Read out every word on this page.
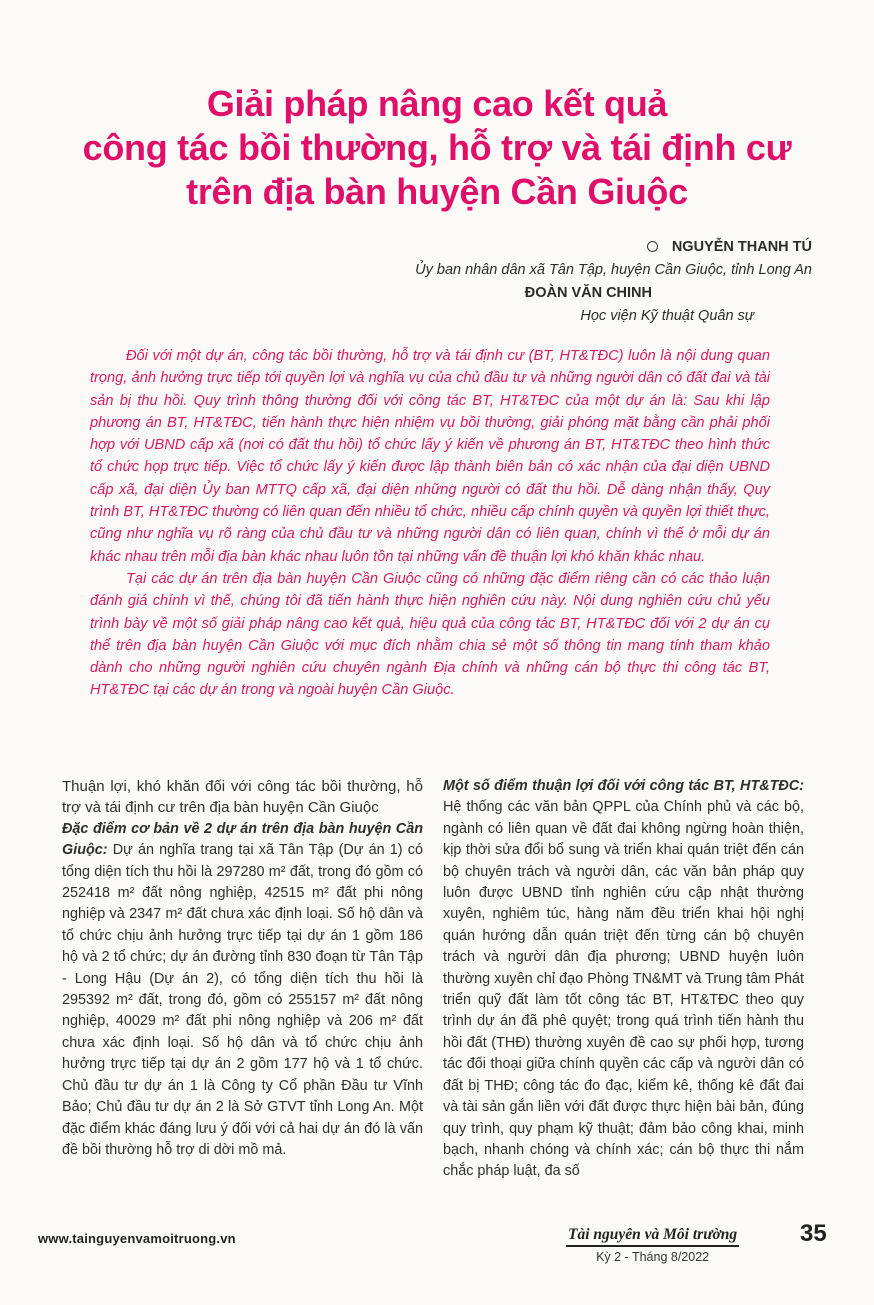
Giải pháp nâng cao kết quả
công tác bồi thường, hỗ trợ và tái định cư
trên địa bàn huyện Cần Giuộc
NGUYỄN THANH TÚ
Ủy ban nhân dân xã Tân Tập, huyện Cần Giuộc, tỉnh Long An
ĐOÀN VĂN CHINH
Học viện Kỹ thuật Quân sự

Đối với một dự án, công tác bồi thường, hỗ trợ và tái định cư (BT, HT&TĐC) luôn là nội dung quan trọng, ảnh hưởng trực tiếp tới quyền lợi và nghĩa vụ của chủ đầu tư và những người dân có đất đai và tài sản bị thu hồi. Quy trình thông thường đối với công tác BT, HT&TĐC của một dự án là: Sau khi lập phương án BT, HT&TĐC, tiến hành thực hiện nhiệm vụ bồi thường, giải phóng mặt bằng cần phải phối hợp với UBND cấp xã (nơi có đất thu hồi) tổ chức lấy ý kiến về phương án BT, HT&TĐC theo hình thức tổ chức họp trực tiếp. Việc tổ chức lấy ý kiến được lập thành biên bản có xác nhận của đại diện UBND cấp xã, đại diện Ủy ban MTTQ cấp xã, đại diện những người có đất thu hồi. Dễ dàng nhận thấy, Quy trình BT, HT&TĐC thường có liên quan đến nhiều tổ chức, nhiều cấp chính quyền và quyền lợi thiết thực, cũng như nghĩa vụ rõ ràng của chủ đầu tư và những người dân có liên quan, chính vì thế ở mỗi dự án khác nhau trên mỗi địa bàn khác nhau luôn tồn tại những vấn đề thuận lợi khó khăn khác nhau.

Tại các dự án trên địa bàn huyện Cần Giuộc cũng có những đặc điểm riêng cần có các thảo luận đánh giá chính vì thế, chúng tôi đã tiến hành thực hiện nghiên cứu này. Nội dung nghiên cứu chủ yếu trình bày về một số giải pháp nâng cao kết quả, hiệu quả của công tác BT, HT&TĐC đối với 2 dự án cụ thể trên địa bàn huyện Cần Giuộc với mục đích nhằm chia sẻ một số thông tin mang tính tham khảo dành cho những người nghiên cứu chuyên ngành Địa chính và những cán bộ thực thi công tác BT, HT&TĐC tại các dự án trong và ngoài huyện Cần Giuộc.

Thuận lợi, khó khăn đối với công tác bồi thường, hỗ trợ và tái định cư trên địa bàn huyện Cần Giuộc

Đặc điểm cơ bản về 2 dự án trên địa bàn huyện Cần Giuộc: Dự án nghĩa trang tại xã Tân Tập (Dự án 1) có tổng diện tích thu hồi là 297280 m² đất, trong đó gồm có 252418 m² đất nông nghiệp, 42515 m² đất phi nông nghiệp và 2347 m² đất chưa xác định loại. Số hộ dân và tổ chức chịu ảnh hưởng trực tiếp tại dự án 1 gồm 186 hộ và 2 tổ chức; dự án đường tỉnh 830 đoạn từ Tân Tập - Long Hậu (Dự án 2), có tổng diện tích thu hồi là 295392 m² đất, trong đó, gồm có 255157 m² đất nông nghiệp, 40029 m² đất phi nông nghiệp và 206 m² đất chưa xác định loại. Số hộ dân và tổ chức chịu ảnh hưởng trực tiếp tại dự án 2 gồm 177 hộ và 1 tổ chức. Chủ đầu tư dự án 1 là Công ty Cổ phần Đầu tư Vĩnh Bảo; Chủ đầu tư dự án 2 là Sở GTVT tỉnh Long An. Một đặc điểm khác đáng lưu ý đối với cả hai dự án đó là vấn đề bồi thường hỗ trợ di dời mồ mả.

Một số điểm thuận lợi đối với công tác BT, HT&TĐC: Hệ thống các văn bản QPPL của Chính phủ và các bộ, ngành có liên quan về đất đai không ngừng hoàn thiện, kịp thời sửa đổi bổ sung và triển khai quán triệt đến cán bộ chuyên trách và người dân, các văn bản pháp quy luôn được UBND tỉnh nghiên cứu cập nhật thường xuyên, nghiêm túc, hàng năm đều triển khai hội nghị quán hướng dẫn quán triệt đến từng cán bộ chuyên trách và người dân địa phương; UBND huyện luôn thường xuyên chỉ đạo Phòng TN&MT và Trung tâm Phát triển quỹ đất làm tốt công tác BT, HT&TĐC theo quy trình dự án đã phê quyệt; trong quá trình tiến hành thu hồi đất (THĐ) thường xuyên đề cao sự phối hợp, tương tác đối thoại giữa chính quyền các cấp và người dân có đất bị THĐ; công tác đo đạc, kiểm kê, thống kê đất đai và tài sản gắn liền với đất được thực hiện bài bản, đúng quy trình, quy phạm kỹ thuật; đảm bảo công khai, minh bạch, nhanh chóng và chính xác; cán bộ thực thi nắm chắc pháp luật, đa số

www.tainguyenvamoitruong.vn	Tài nguyên và Môi trường
Kỳ 2 - Tháng 8/2022
35
